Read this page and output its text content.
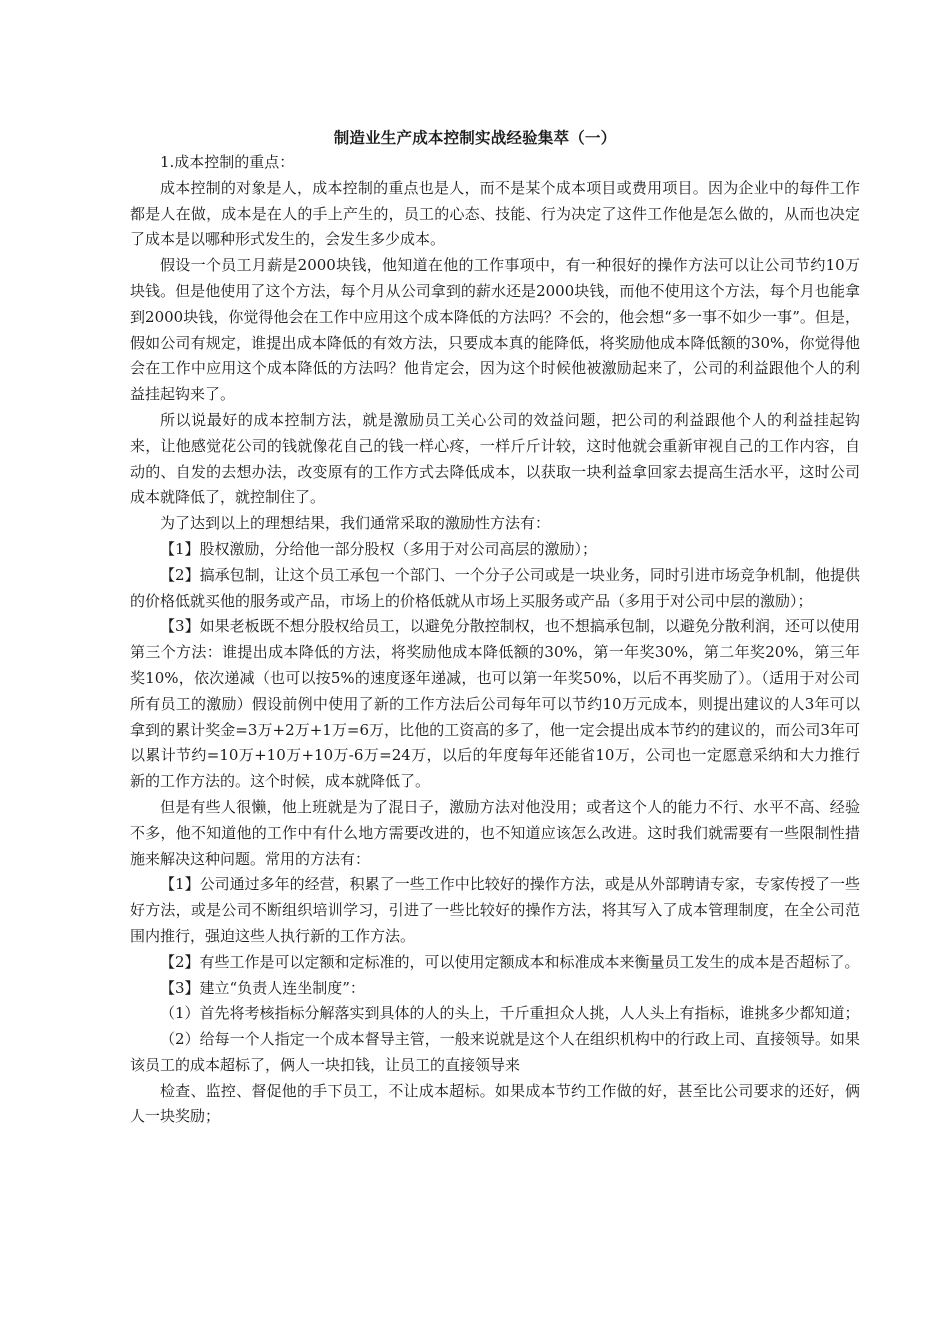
制造业生产成本控制实战经验集萃（一）

1.成本控制的重点：

成本控制的对象是人，成本控制的重点也是人，而不是某个成本项目或费用项目。因为企业中的每件工作都是人在做，成本是在人的手上产生的，员工的心态、技能、行为决定了这件工作他是怎么做的，从而也决定了成本是以哪种形式发生的，会发生多少成本。

假设一个员工月薪是2000块钱，他知道在他的工作事项中，有一种很好的操作方法可以让公司节约10万块钱。但是他使用了这个方法，每个月从公司拿到的薪水还是2000块钱，而他不使用这个方法，每个月也能拿到2000块钱，你觉得他会在工作中应用这个成本降低的方法吗？不会的，他会想“多一事不如少一事”。但是，假如公司有规定，谁提出成本降低的有效方法，只要成本真的能降低，将奖励他成本降低额的30%，你觉得他会在工作中应用这个成本降低的方法吗？他肯定会，因为这个时候他被激励起来了，公司的利益跟他个人的利益挂起钩来了。

所以说最好的成本控制方法，就是激励员工关心公司的效益问题，把公司的利益跟他个人的利益挂起钩来，让他感觉花公司的钱就像花自己的钱一样心疼，一样斤斤计较，这时他就会重新审视自己的工作内容，自动的、自发的去想办法，改变原有的工作方式去降低成本，以获取一块利益拿回家去提高生活水平，这时公司成本就降低了，就控制住了。

为了达到以上的理想结果，我们通常采取的激励性方法有：

【1】股权激励，分给他一部分股权（多用于对公司高层的激励）；

【2】搞承包制，让这个员工承包一个部门、一个分子公司或是一块业务，同时引进市场竞争机制，他提供的价格低就买他的服务或产品，市场上的价格低就从市场上买服务或产品（多用于对公司中层的激励）；

【3】如果老板既不想分股权给员工，以避免分散控制权，也不想搞承包制，以避免分散利润，还可以使用第三个方法：谁提出成本降低的方法，将奖励他成本降低额的30%，第一年奖30%，第二年奖20%，第三年奖10%，依次递减（也可以按5%的速度逐年递减，也可以第一年奖50%，以后不再奖励了）。（适用于对公司所有员工的激励）假设前例中使用了新的工作方法后公司每年可以节约10万元成本，则提出建议的人3年可以拿到的累计奖金=3万+2万+1万=6万，比他的工资高的多了，他一定会提出成本节约的建议的，而公司3年可以累计节约=10万+10万+10万-6万=24万，以后的年度每年还能省10万，公司也一定愿意采纳和大力推行新的工作方法的。这个时候，成本就降低了。

但是有些人很懒，他上班就是为了混日子，激励方法对他没用；或者这个人的能力不行、水平不高、经验不多，他不知道他的工作中有什么地方需要改进的，也不知道应该怎么改进。这时我们就需要有一些限制性措施来解决这种问题。常用的方法有：

【1】公司通过多年的经营，积累了一些工作中比较好的操作方法，或是从外部聘请专家，专家传授了一些好方法，或是公司不断组织培训学习，引进了一些比较好的操作方法，将其写入了成本管理制度，在全公司范围内推行，强迫这些人执行新的工作方法。

【2】有些工作是可以定额和定标准的，可以使用定额成本和标准成本来衡量员工发生的成本是否超标了。

【3】建立“负责人连坐制度”：

（1）首先将考核指标分解落实到具体的人的头上，千斤重担众人挑，人人头上有指标，谁挑多少都知道；

（2）给每一个人指定一个成本督导主管，一般来说就是这个人在组织机构中的行政上司、直接领导。如果该员工的成本超标了，俩人一块扣钱，让员工的直接领导来

检查、监控、督促他的手下员工，不让成本超标。如果成本节约工作做的好，甚至比公司要求的还好，俩人一块奖励；
